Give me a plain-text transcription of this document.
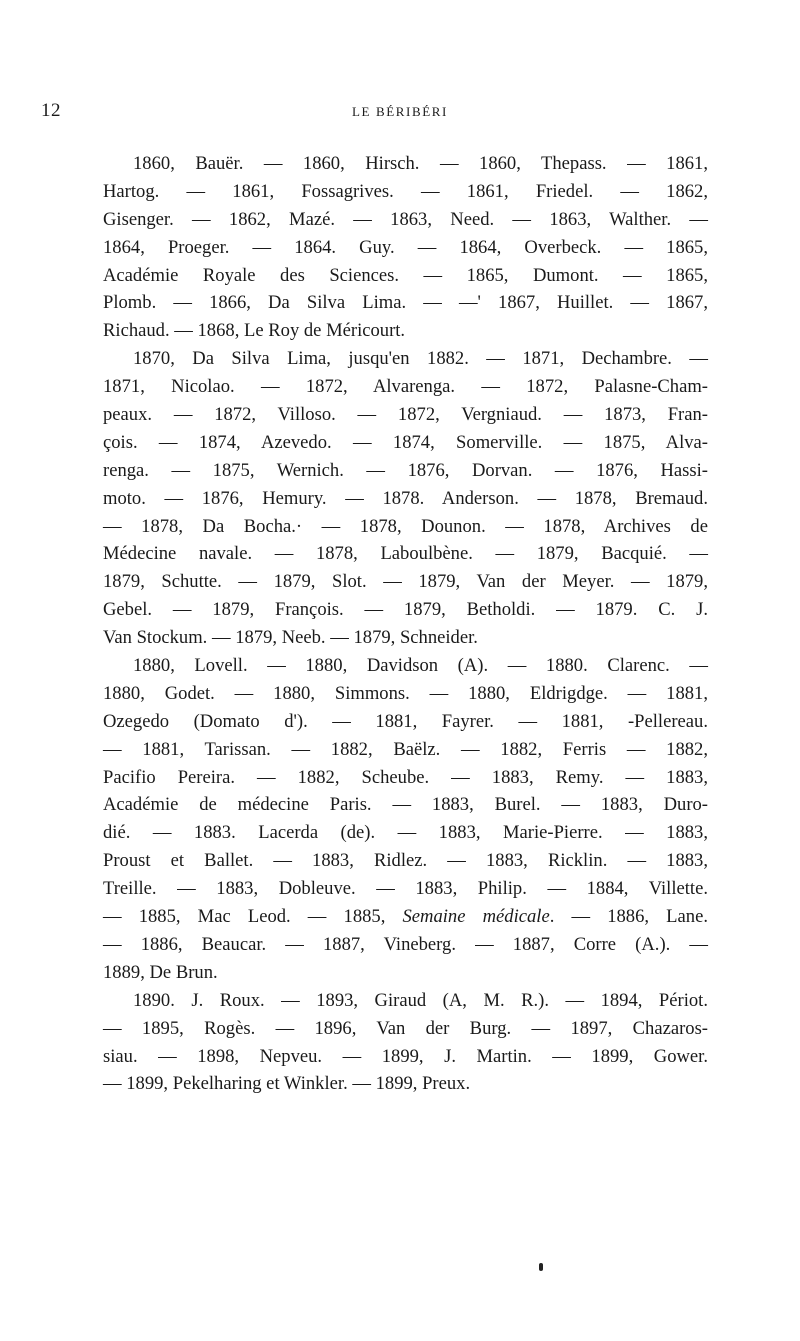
12	LE BÉRIBÉRI
1860, Bauër. — 1860, Hirsch. — 1860, Thepass. — 1861,
Hartog. — 1861, Fossagrives. — 1861, Friedel. — 1862,
Gisenger. — 1862, Mazé. — 1863, Need. — 1863, Walther. —
1864, Proeger. — 1864. Guy. — 1864, Overbeck. — 1865,
Académie Royale des Sciences. — 1865, Dumont. — 1865,
Plomb. — 1866, Da Silva Lima. — —' 1867, Huillet. — 1867,
Richaud. — 1868, Le Roy de Méricourt.
1870, Da Silva Lima, jusqu'en 1882. — 1871, Dechambre. —
1871, Nicolao. — 1872, Alvarenga. — 1872, Palasne-Cham-
peaux. — 1872, Villoso. — 1872, Vergniaud. — 1873, Fran-
çois. — 1874, Azevedo. — 1874, Somerville. — 1875, Alva-
renga. — 1875, Wernich. — 1876, Dorvan. — 1876, Hassi-
moto. — 1876, Hemury. — 1878. Anderson. — 1878, Bremaud.
— 1878, Da Bocha.· — 1878, Dounon. — 1878, Archives de
Médecine navale. — 1878, Laboulbène. — 1879, Bacquié. —
1879, Schutte. — 1879, Slot. — 1879, Van der Meyer. — 1879,
Gebel. — 1879, François. — 1879, Betholdi. — 1879. C. J.
Van Stockum. — 1879, Neeb. — 1879, Schneider.
1880, Lovell. — 1880, Davidson (A). — 1880. Clarenc. —
1880, Godet. — 1880, Simmons. — 1880, Eldrigdge. — 1881,
Ozegedo (Domato d'). — 1881, Fayrer. — 1881, -Pellereau.
— 1881, Tarissan. — 1882, Baëlz. — 1882, Ferris — 1882,
Pacifio Pereira. — 1882, Scheube. — 1883, Remy. — 1883,
Académie de médecine Paris. — 1883, Burel. — 1883, Duro-
dié. — 1883. Lacerda (de). — 1883, Marie-Pierre. — 1883,
Proust et Ballet. — 1883, Ridlez. — 1883, Ricklin. — 1883,
Treille. — 1883, Dobleuve. — 1883, Philip. — 1884, Villette.
— 1885, Mac Leod. — 1885, Semaine médicale. — 1886, Lane.
— 1886, Beaucar. — 1887, Vineberg. — 1887, Corre (A.). —
1889, De Brun.
1890. J. Roux. — 1893, Giraud (A, M. R.). — 1894, Périot.
— 1895, Rogès. — 1896, Van der Burg. — 1897, Chazaros-
siau. — 1898, Nepveu. — 1899, J. Martin. — 1899, Gower.
— 1899, Pekelharing et Winkler. — 1899, Preux.
